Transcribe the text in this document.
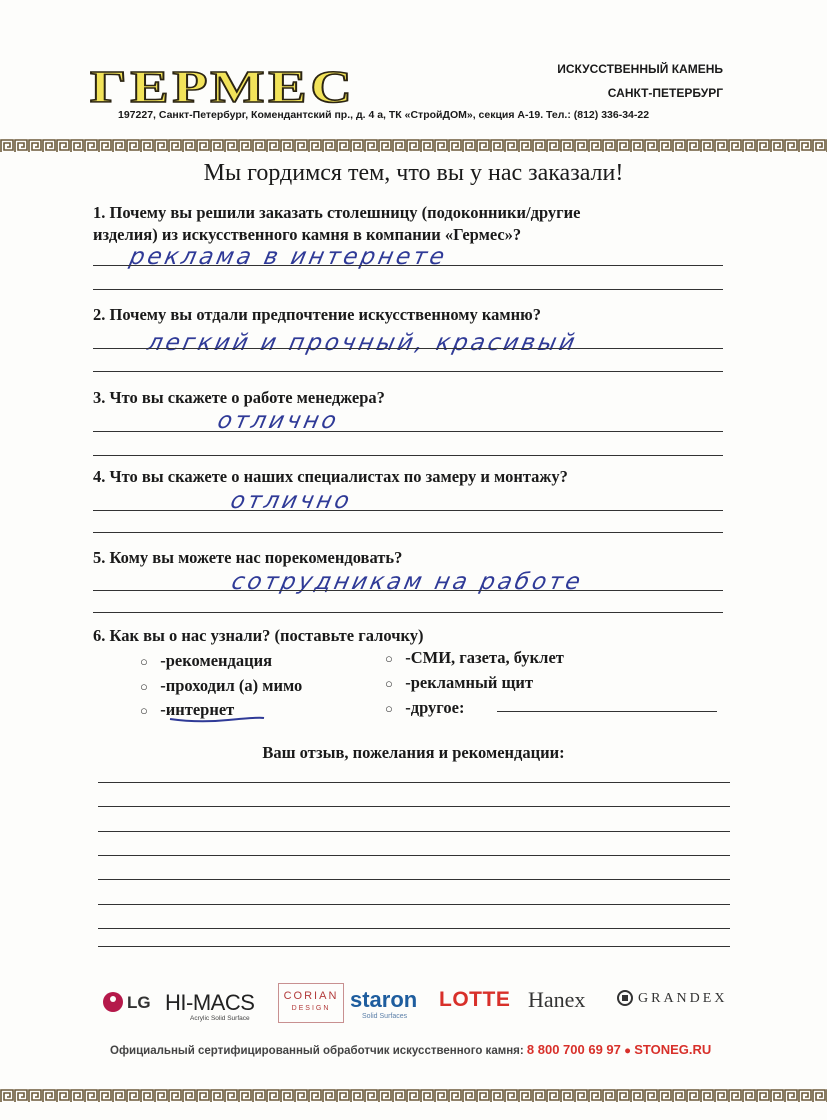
ГЕРМЕС	ИСКУССТВЕННЫЙ КАМЕНЬ
САНКТ-ПЕТЕРБУРГ
197227, Санкт-Петербург, Комендантский пр., д. 4 а, ТК «СтройДОМ», секция А-19. Тел.: (812) 336-34-22
Мы гордимся тем, что вы у нас заказали!
1. Почему вы решили заказать столешницу (подоконники/другие
изделия) из искусственного камня в компании «Гермес»?
реклама в интернете
2. Почему вы отдали предпочтение искусственному камню?
легкий и прочный, красивый
3. Что вы скажете о работе менеджера?
отлично
4. Что вы скажете о наших специалистах по замеру и монтажу?
отлично
5. Кому вы можете нас порекомендовать?
сотрудникам на работе
6. Как вы о нас узнали? (поставьте галочку)
○ -рекомендация
○ -проходил (а) мимо
○ -интернет
○ -СМИ, газета, буклет
○ -рекламный щит
○ -другое:
Ваш отзыв, пожелания и рекомендации:
LG HI-MACS
Acrylic Solid Surface
CORIAN
DESIGN staron
Solid Surfaces
LOTTE Hanex	GRANDEX
Официальный сертифицированный обработчик искусственного камня: 8 800 700 69 97 ● STONEG.RU
